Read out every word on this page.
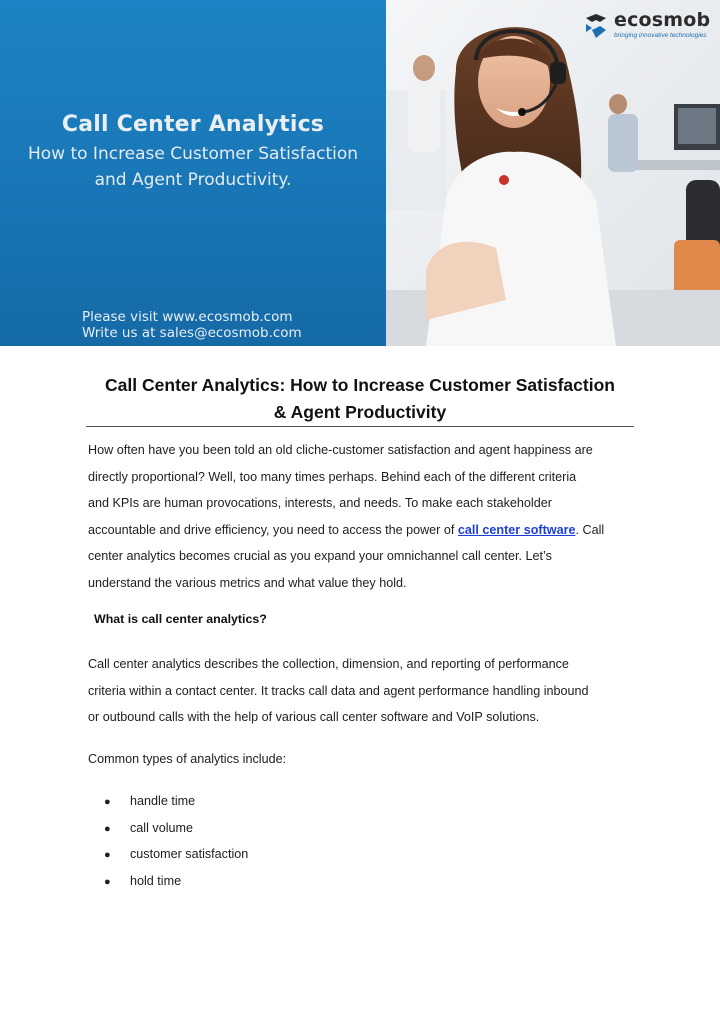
Call Center Analytics
How to Increase Customer Satisfaction
and Agent Productivity.
Please visit www.ecosmob.com
Write us at sales@ecosmob.com
ecosmob
bringing innovative technologies
Call Center Analytics: How to Increase Customer Satisfaction
& Agent Productivity
How often have you been told an old cliche-customer satisfaction and agent happiness are
directly proportional? Well, too many times perhaps. Behind each of the different criteria
and KPIs are human provocations, interests, and needs. To make each stakeholder
accountable and drive efficiency, you need to access the power of call center software. Call
center analytics becomes crucial as you expand your omnichannel call center. Let’s
understand the various metrics and what value they hold.
What is call center analytics?
Call center analytics describes the collection, dimension, and reporting of performance
criteria within a contact center. It tracks call data and agent performance handling inbound
or outbound calls with the help of various call center software and VoIP solutions.
Common types of analytics include:
● handle time
● call volume
● customer satisfaction
● hold time
